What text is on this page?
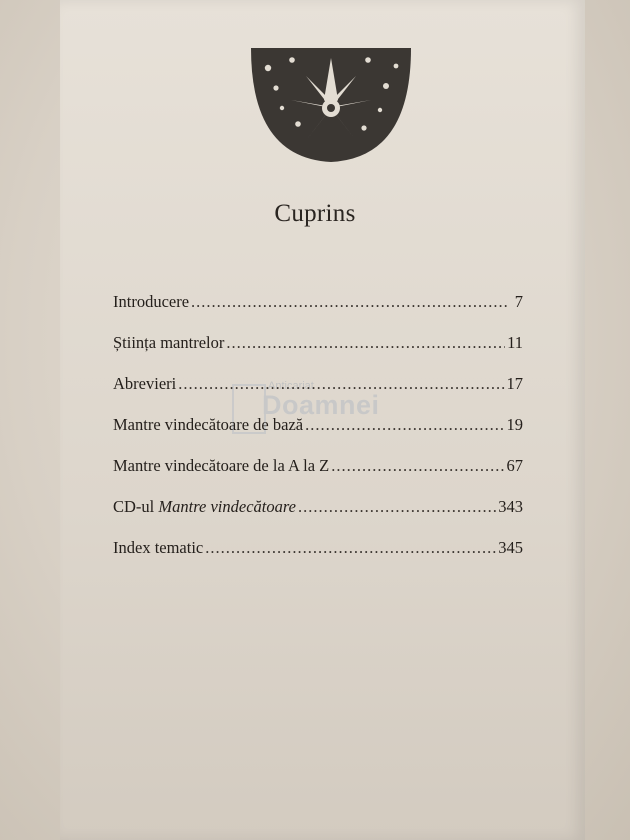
Cuprins
Anticariat
Doamnei
Introducere .....	7
Știința mantrelor .....	11
Abrevieri .....	17
Mantre vindecătoare de bază .....	19
Mantre vindecătoare de la A la Z .....	67
CD-ul Mantre vindecătoare .....	343
Index tematic .....	345
